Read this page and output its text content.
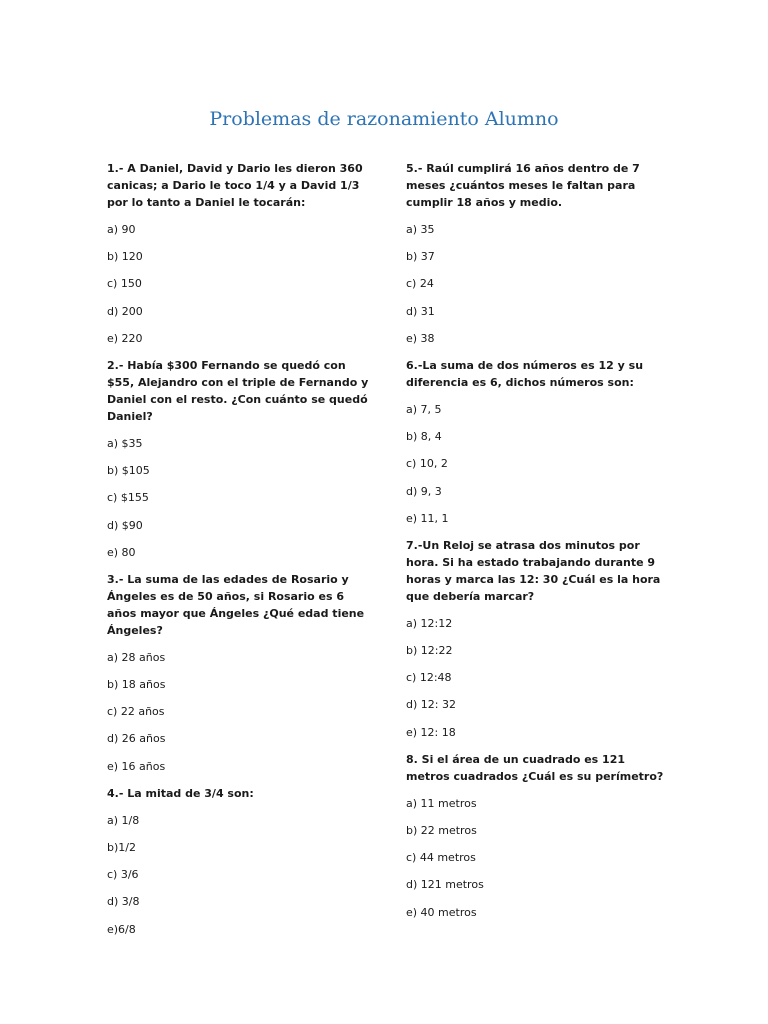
Problemas de razonamiento Alumno

1.- A Daniel, David y Dario les dieron 360 canicas; a Dario le toco 1/4 y a David 1/3 por lo tanto a Daniel le tocarán:

a) 90

b) 120

c) 150

d) 200

e) 220

2.- Había $300 Fernando se quedó con $55, Alejandro con el triple de Fernando y Daniel con el resto. ¿Con cuánto se quedó Daniel?

a) $35

b) $105

c) $155

d) $90

e) 80

3.- La suma de las edades de Rosario y Ángeles es de 50 años, si Rosario es 6 años mayor que Ángeles ¿Qué edad tiene Ángeles?

a) 28 años

b) 18 años

c) 22 años

d) 26 años

e) 16 años

4.- La mitad de 3/4 son:

a) 1/8

b)1/2

c) 3/6

d) 3/8

e)6/8

5.- Raúl cumplirá 16 años dentro de 7 meses ¿cuántos meses le faltan para cumplir 18 años y medio.

a) 35

b) 37

c) 24

d) 31

e) 38

6.-La suma de dos números es 12 y su diferencia es 6, dichos números son:

a) 7, 5

b) 8, 4

c) 10, 2

d) 9, 3

e) 11, 1

7.-Un Reloj se atrasa dos minutos por hora. Si ha estado trabajando durante 9 horas y marca las 12: 30 ¿Cuál es la hora que debería marcar?

a) 12:12

b) 12:22

c) 12:48

d) 12: 32

e) 12: 18

8. Si el área de un cuadrado es 121 metros cuadrados ¿Cuál es su perímetro?

a) 11 metros

b) 22 metros

c) 44 metros

d) 121 metros

e) 40 metros
